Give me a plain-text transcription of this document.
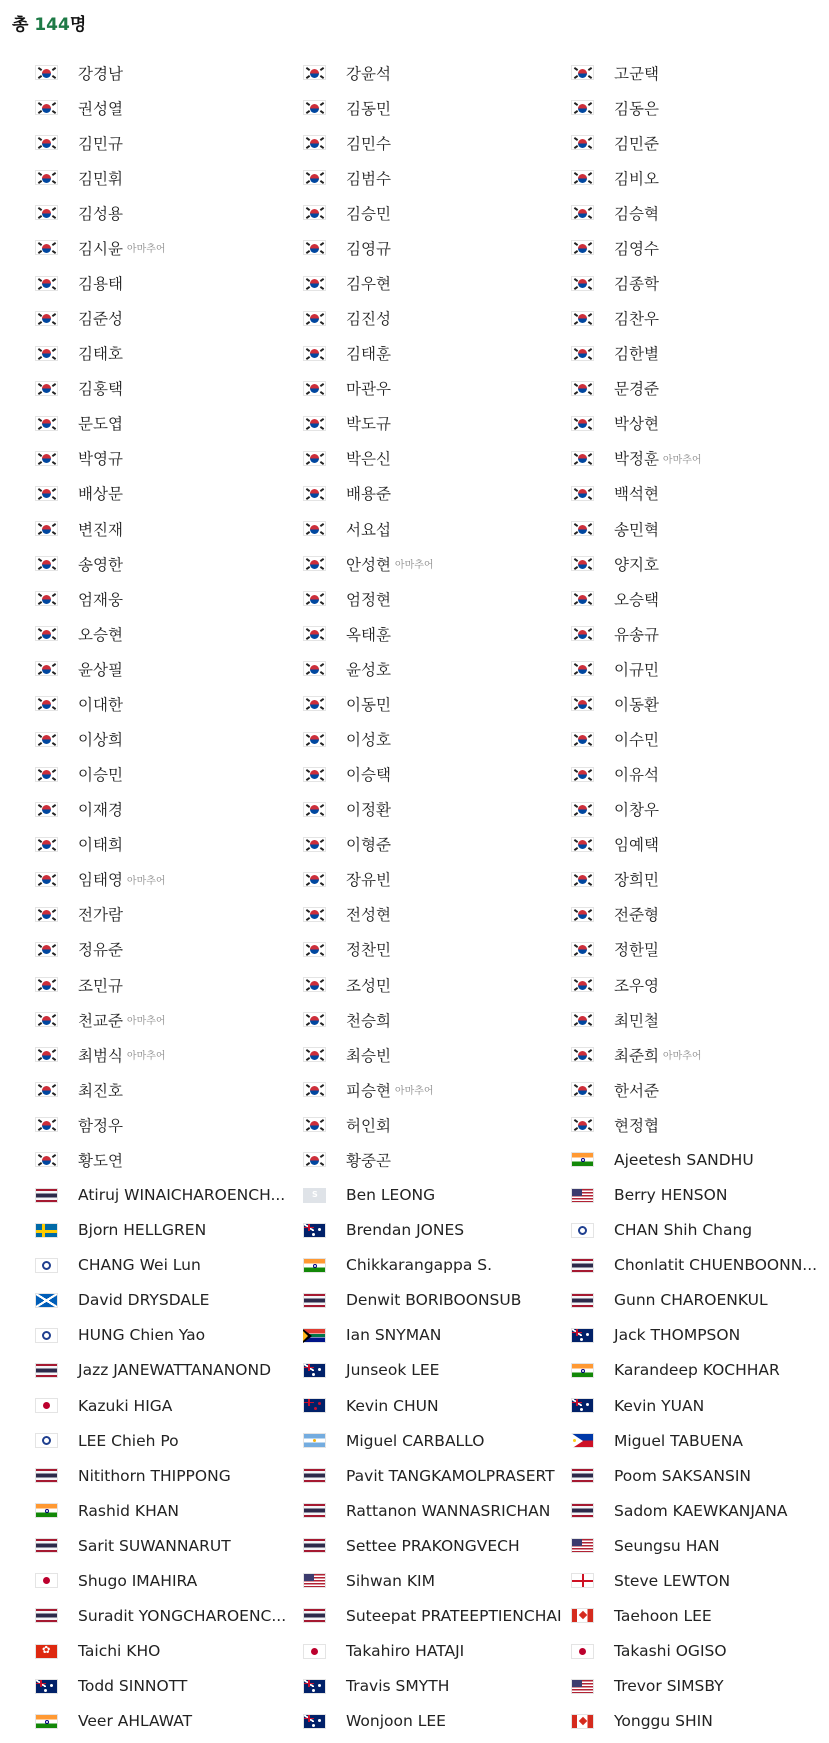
총 144명
강경남	강윤석	고군택
권성열	김동민	김동은
김민규	김민수	김민준
김민휘	김범수	김비오
김성용	김승민	김승혁
김시윤 아마추어	김영규	김영수
김용태	김우현	김종학
김준성	김진성	김찬우
김태호	김태훈	김한별
김홍택	마관우	문경준
문도엽	박도규	박상현
박영규	박은신	박정훈 아마추어
배상문	배용준	백석현
변진재	서요섭	송민혁
송영한	안성현 아마추어	양지호
엄재웅	엄정현	오승택
오승현	옥태훈	유송규
윤상필	윤성호	이규민
이대한	이동민	이동환
이상희	이성호	이수민
이승민	이승택	이유석
이재경	이정환	이창우
이태희	이형준	임예택
임태영 아마추어	장유빈	장희민
전가람	전성현	전준형
정유준	정찬민	정한밀
조민규	조성민	조우영
천교준 아마추어	천승희	최민철
최범식 아마추어	최승빈	최준희 아마추어
최진호	피승현 아마추어	한서준
함정우	허인회	현정협
황도연	황중곤	Ajeetesh SANDHU
Atiruj WINAICHAROENCH...
S	Ben LEONG	Berry HENSON
Bjorn HELLGREN	Brendan JONES	CHAN Shih Chang
CHANG Wei Lun	Chikkarangappa S.	Chonlatit CHUENBOONN...
David DRYSDALE	Denwit BORIBOONSUB	Gunn CHAROENKUL
HUNG Chien Yao	Ian SNYMAN	Jack THOMPSON
Jazz JANEWATTANANOND	Junseok LEE	Karandeep KOCHHAR
Kazuki HIGA	Kevin CHUN	Kevin YUAN
LEE Chieh Po	Miguel CARBALLO	Miguel TABUENA
Nitithorn THIPPONG	Pavit TANGKAMOLPRASERT	Poom SAKSANSIN
Rashid KHAN	Rattanon WANNASRICHAN	Sadom KAEWKANJANA
Sarit SUWANNARUT	Settee PRAKONGVECH	Seungsu HAN
Shugo IMAHIRA	Sihwan KIM	Steve LEWTON
Suradit YONGCHAROENC...	Suteepat PRATEEPTIENCHAI	Taehoon LEE
✿
Taichi KHO	Takahiro HATAJI	Takashi OGISO
Todd SINNOTT	Travis SMYTH	Trevor SIMSBY
Veer AHLAWAT	Wonjoon LEE	Yonggu SHIN
